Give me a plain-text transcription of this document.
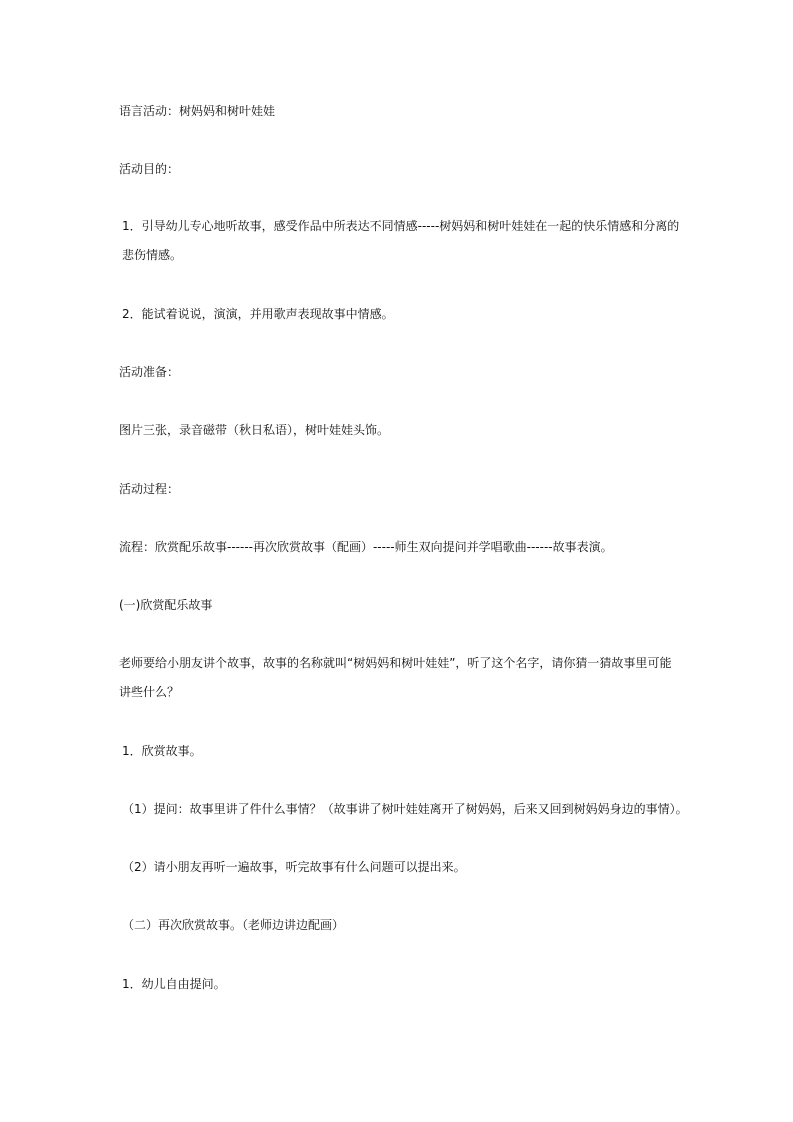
语言活动：树妈妈和树叶娃娃
活动目的：
1．引导幼儿专心地听故事，感受作品中所表达不同情感-----树妈妈和树叶娃娃在一起的快乐情感和分离的悲伤情感。
2．能试着说说，演演，并用歌声表现故事中情感。
活动准备：
图片三张，录音磁带（秋日私语），树叶娃娃头饰。
活动过程：
流程：欣赏配乐故事------再次欣赏故事（配画）-----师生双向提问并学唱歌曲------故事表演。
(一)欣赏配乐故事
老师要给小朋友讲个故事，故事的名称就叫“树妈妈和树叶娃娃”，听了这个名字，请你猜一猜故事里可能讲些什么？
1．欣赏故事。
（1）提问：故事里讲了件什么事情？（故事讲了树叶娃娃离开了树妈妈，后来又回到树妈妈身边的事情）。
（2）请小朋友再听一遍故事，听完故事有什么问题可以提出来。
（二）再次欣赏故事。（老师边讲边配画）
1．幼儿自由提问。
